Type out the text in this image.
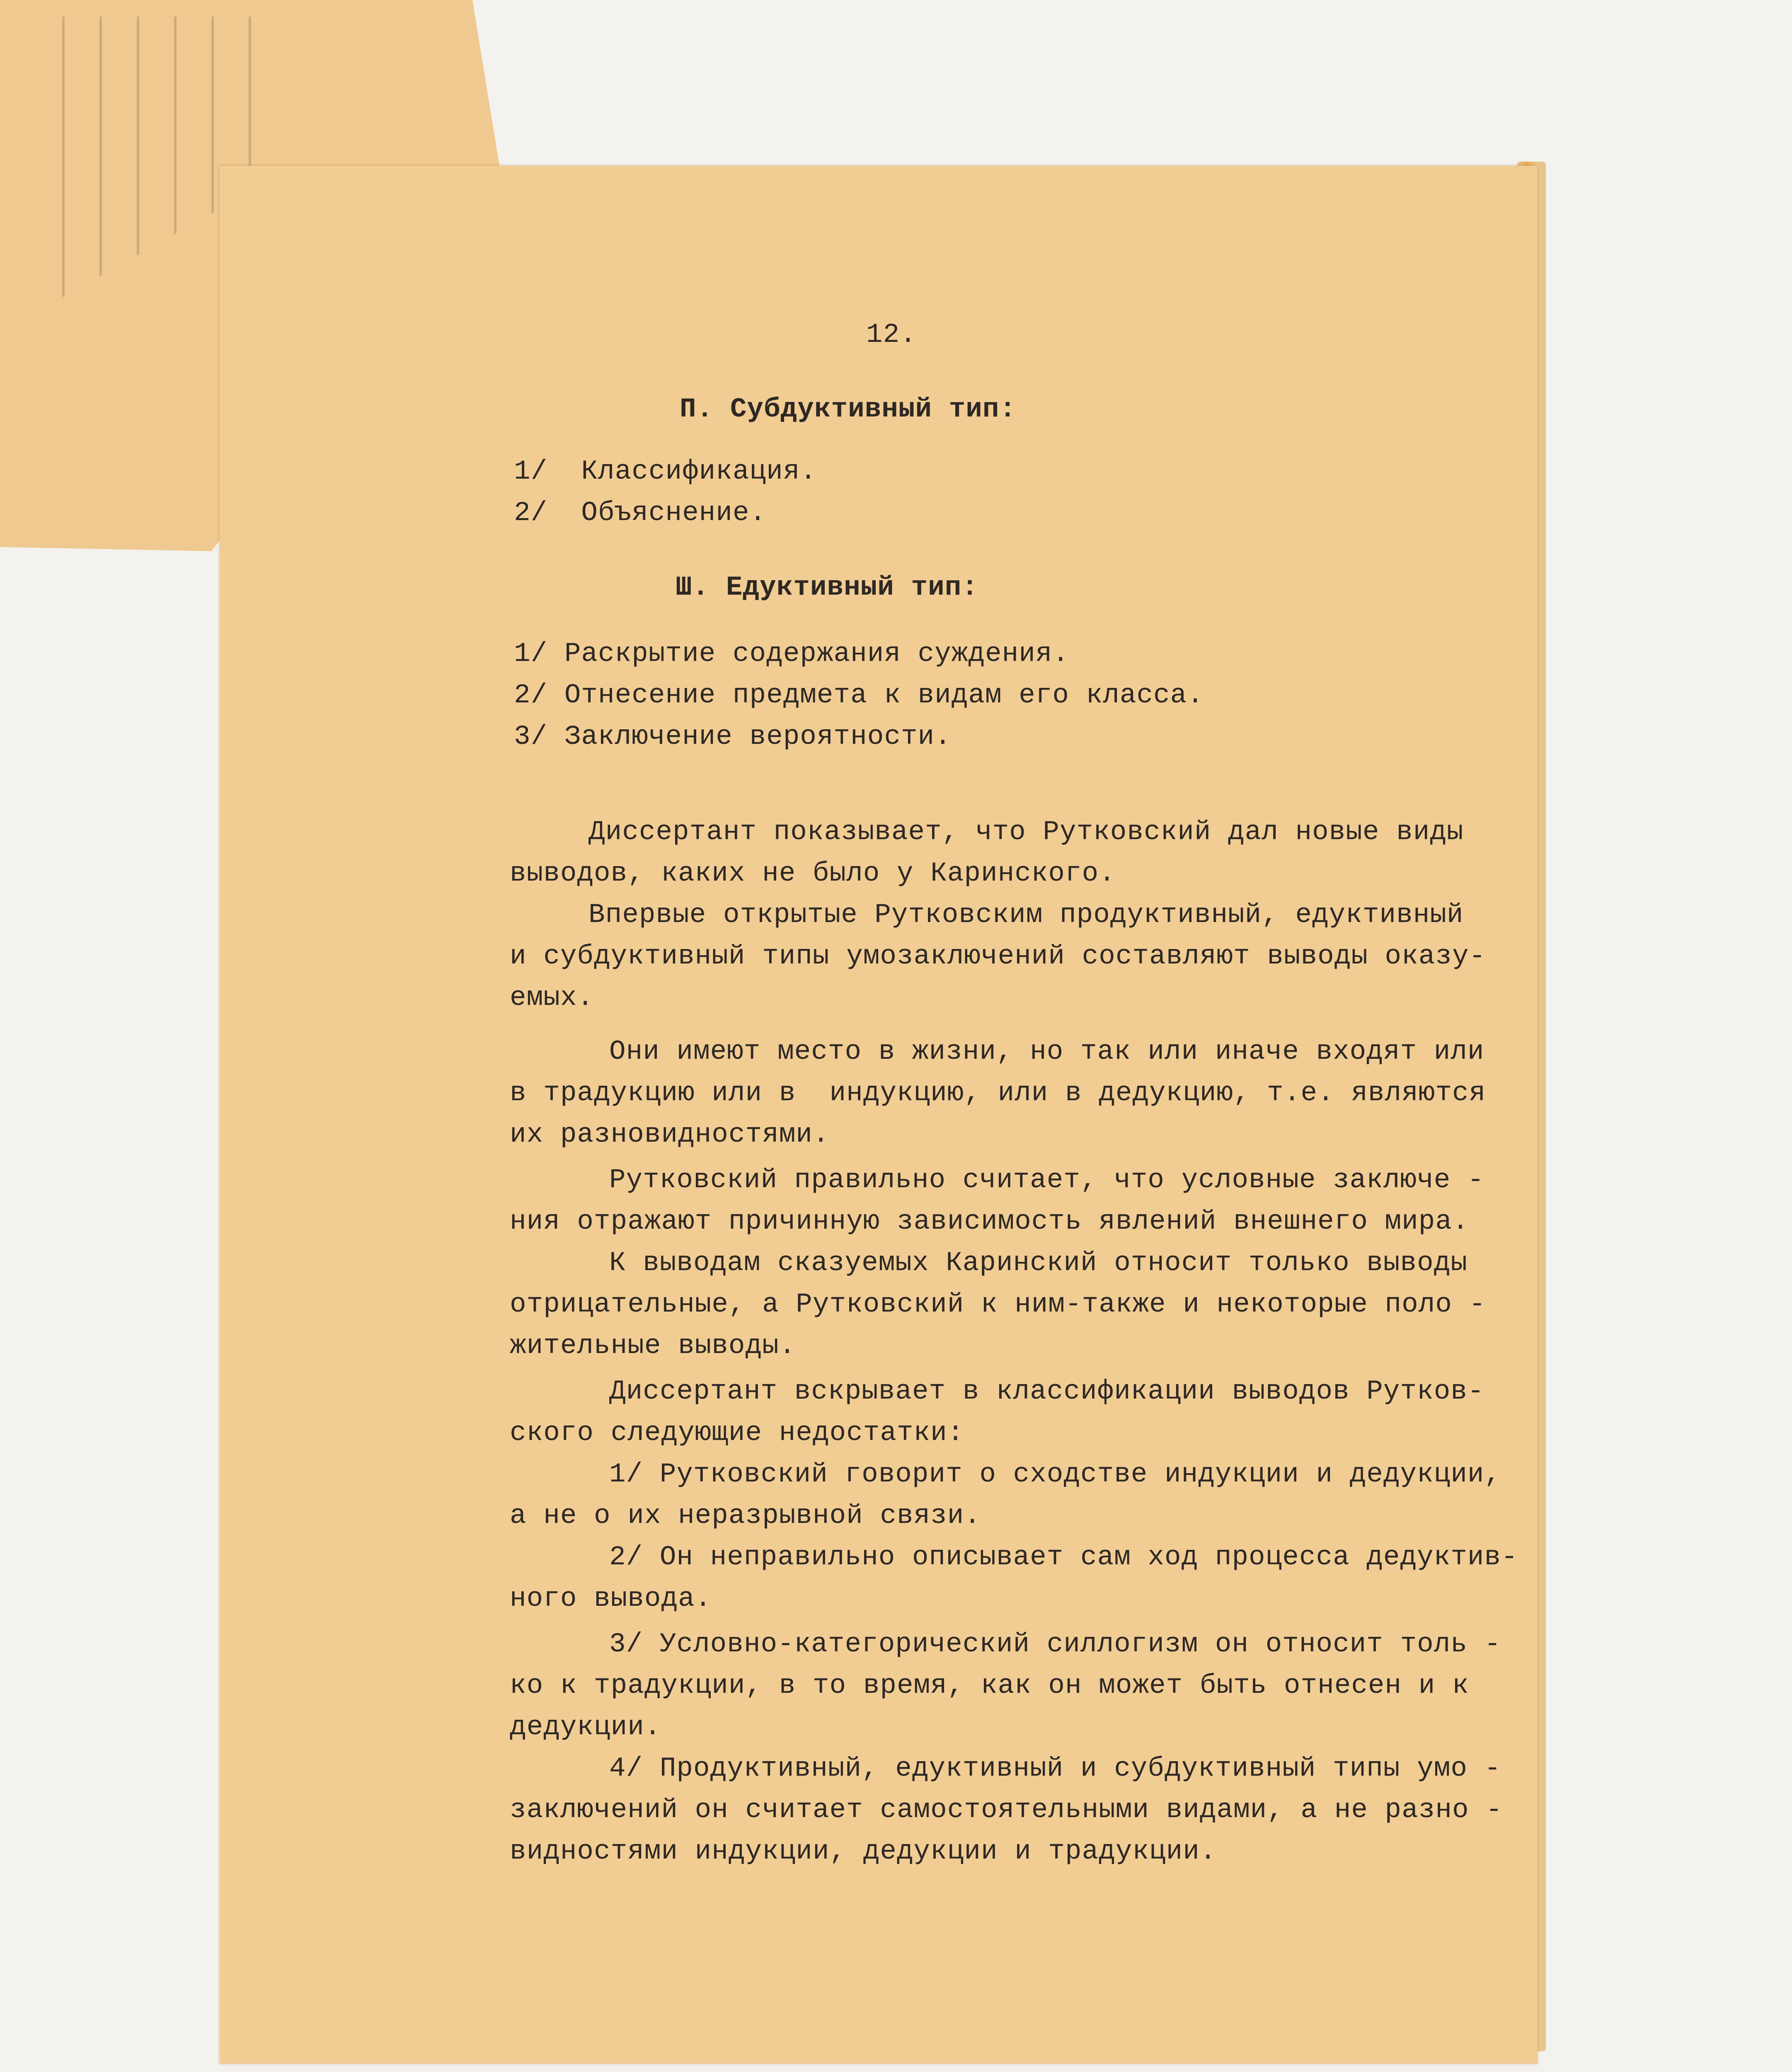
12.
П. Субдуктивный тип:
1/  Классификация.
2/  Объяснение.
Ш. Едуктивный тип:
1/ Раскрытие содержания суждения.
2/ Отнесение предмета к видам его класса.
3/ Заключение вероятности.
Диссертант показывает, что Рутковский дал новые виды
выводов, каких не было у Каринского.
Впервые открытые Рутковским продуктивный, едуктивный
и субдуктивный типы умозаключений составляют выводы оказу-
емых.
Они имеют место в жизни, но так или иначе входят или
в традукцию или в  индукцию, или в дедукцию, т.е. являются
их разновидностями.
Рутковский правильно считает, что условные заключе -
ния отражают причинную зависимость явлений внешнего мира.
К выводам сказуемых Каринский относит только выводы
отрицательные, а Рутковский к ним-также и некоторые поло -
жительные выводы.
Диссертант вскрывает в классификации выводов Рутков-
ского следующие недостатки:
1/ Рутковский говорит о сходстве индукции и дедукции,
а не о их неразрывной связи.
2/ Он неправильно описывает сам ход процесса дедуктив-
ного вывода.
3/ Условно-категорический силлогизм он относит толь -
ко к традукции, в то время, как он может быть отнесен и к
дедукции.
4/ Продуктивный, едуктивный и субдуктивный типы умо -
заключений он считает самостоятельными видами, а не разно -
видностями индукции, дедукции и традукции.
